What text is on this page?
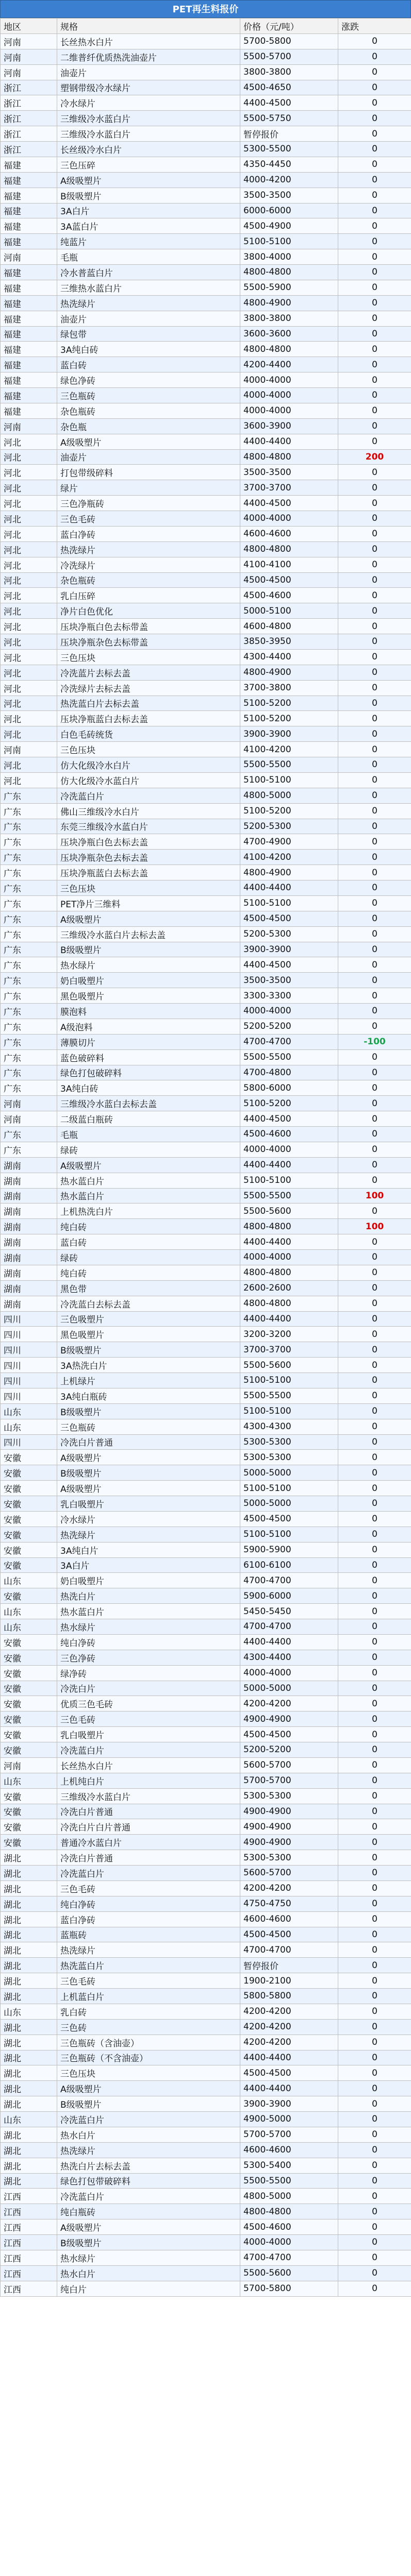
PET再生料报价
地区	规格	价格（元/吨）	涨跌
河南	长丝热水白片	5700-5800	0
河南	二维普纤优质热洗油壶片	5500-5700	0
河南	油壶片	3800-3800	0
浙江	塑钢带级冷水绿片	4500-4650	0
浙江	冷水绿片	4400-4500	0
浙江	三维级冷水蓝白片	5500-5750	0
浙江	三维级冷水蓝白片	暂停报价	0
浙江	长丝级冷水白片	5300-5500	0
福建	三色压碎	4350-4450	0
福建	A级吸塑片	4000-4200	0
福建	B级吸塑片	3500-3500	0
福建	3A白片	6000-6000	0
福建	3A蓝白片	4500-4900	0
福建	纯蓝片	5100-5100	0
河南	毛瓶	3800-4000	0
福建	冷水普蓝白片	4800-4800	0
福建	三维热水蓝白片	5500-5900	0
福建	热洗绿片	4800-4900	0
福建	油壶片	3800-3800	0
福建	绿包带	3600-3600	0
福建	3A纯白砖	4800-4800	0
福建	蓝白砖	4200-4400	0
福建	绿色净砖	4000-4000	0
福建	三色瓶砖	4000-4000	0
福建	杂色瓶砖	4000-4000	0
河南	杂色瓶	3600-3900	0
河北	A级吸塑片	4400-4400	0
河北	油壶片	4800-4800	200
河北	打包带级碎料	3500-3500	0
河北	绿片	3700-3700	0
河北	三色净瓶砖	4400-4500	0
河北	三色毛砖	4000-4000	0
河北	蓝白净砖	4600-4600	0
河北	热洗绿片	4800-4800	0
河北	冷洗绿片	4100-4100	0
河北	杂色瓶砖	4500-4500	0
河北	乳白压碎	4500-4600	0
河北	净片白色优化	5000-5100	0
河北	压块净瓶白色去标带盖	4600-4800	0
河北	压块净瓶杂色去标带盖	3850-3950	0
河北	三色压块	4300-4400	0
河北	冷洗蓝片去标去盖	4800-4900	0
河北	冷洗绿片去标去盖	3700-3800	0
河北	热洗蓝白片去标去盖	5100-5200	0
河北	压块净瓶蓝白去标去盖	5100-5200	0
河北	白色毛砖统货	3900-3900	0
河南	三色压块	4100-4200	0
河北	仿大化级冷水白片	5500-5500	0
河北	仿大化级冷水蓝白片	5100-5100	0
广东	冷洗蓝白片	4800-5000	0
广东	佛山三维级冷水白片	5100-5200	0
广东	东莞三维级冷水蓝白片	5200-5300	0
广东	压块净瓶白色去标去盖	4700-4900	0
广东	压块净瓶杂色去标去盖	4100-4200	0
广东	压块净瓶蓝白去标去盖	4800-4900	0
广东	三色压块	4400-4400	0
广东	PET净片三维料	5100-5100	0
广东	A级吸塑片	4500-4500	0
广东	三维级冷水蓝白片去标去盖	5200-5300	0
广东	B级吸塑片	3900-3900	0
广东	热水绿片	4400-4500	0
广东	奶白吸塑片	3500-3500	0
广东	黑色吸塑片	3300-3300	0
广东	膜泡料	4000-4000	0
广东	A级泡料	5200-5200	0
广东	薄膜切片	4700-4700	-100
广东	蓝色破碎料	5500-5500	0
广东	绿色打包破碎料	4700-4800	0
广东	3A纯白砖	5800-6000	0
河南	三维级冷水蓝白去标去盖	5100-5200	0
河南	二级蓝白瓶砖	4400-4500	0
广东	毛瓶	4500-4600	0
广东	绿砖	4000-4000	0
湖南	A级吸塑片	4400-4400	0
湖南	热水蓝白片	5100-5100	0
湖南	热水蓝白片	5500-5500	100
湖南	上机热洗白片	5500-5600	0
湖南	纯白砖	4800-4800	100
湖南	蓝白砖	4400-4400	0
湖南	绿砖	4000-4000	0
湖南	纯白砖	4800-4800	0
湖南	黑色带	2600-2600	0
湖南	冷洗蓝白去标去盖	4800-4800	0
四川	三色吸塑片	4400-4400	0
四川	黑色吸塑片	3200-3200	0
四川	B级吸塑片	3700-3700	0
四川	3A热洗白片	5500-5600	0
四川	上机绿片	5100-5100	0
四川	3A纯白瓶砖	5500-5500	0
山东	B级吸塑片	5100-5100	0
山东	三色瓶砖	4300-4300	0
四川	冷洗白片普通	5300-5300	0
安徽	A级吸塑片	5300-5300	0
安徽	B级吸塑片	5000-5000	0
安徽	A级吸塑片	5100-5100	0
安徽	乳白吸塑片	5000-5000	0
安徽	冷水绿片	4500-4500	0
安徽	热洗绿片	5100-5100	0
安徽	3A纯白片	5900-5900	0
安徽	3A白片	6100-6100	0
山东	奶白吸塑片	4700-4700	0
安徽	热洗白片	5900-6000	0
山东	热水蓝白片	5450-5450	0
山东	热水绿片	4700-4700	0
安徽	纯白净砖	4400-4400	0
安徽	三色净砖	4300-4400	0
安徽	绿净砖	4000-4000	0
安徽	冷洗白片	5000-5000	0
安徽	优质三色毛砖	4200-4200	0
安徽	三色毛砖	4900-4900	0
安徽	乳白吸塑片	4500-4500	0
安徽	冷洗蓝白片	5200-5200	0
河南	长丝热水白片	5600-5700	0
山东	上机纯白片	5700-5700	0
安徽	三维级冷水蓝白片	5300-5300	0
安徽	冷洗白片普通	4900-4900	0
安徽	冷洗白片白片普通	4900-4900	0
安徽	普通冷水蓝白片	4900-4900	0
湖北	冷洗白片普通	5300-5300	0
湖北	冷洗蓝白片	5600-5700	0
湖北	三色毛砖	4200-4200	0
湖北	纯白净砖	4750-4750	0
湖北	蓝白净砖	4600-4600	0
湖北	蓝瓶砖	4500-4500	0
湖北	热洗绿片	4700-4700	0
湖北	热洗蓝白片	暂停报价	0
湖北	三色毛砖	1900-2100	0
湖北	上机蓝白片	5800-5800	0
山东	乳白砖	4200-4200	0
湖北	三色砖	4200-4200	0
湖北	三色瓶砖（含油壶）	4200-4200	0
湖北	三色瓶砖（不含油壶）	4400-4400	0
湖北	三色压块	4500-4500	0
湖北	A级吸塑片	4400-4400	0
湖北	B级吸塑片	3900-3900	0
山东	冷洗蓝白片	4900-5000	0
湖北	热水白片	5700-5700	0
湖北	热洗绿片	4600-4600	0
湖北	热洗白片去标去盖	5300-5400	0
湖北	绿色打包带破碎料	5500-5500	0
江西	冷洗蓝白片	4800-5000	0
江西	纯白瓶砖	4800-4800	0
江西	A级吸塑片	4500-4600	0
江西	B级吸塑片	4000-4000	0
江西	热水绿片	4700-4700	0
江西	热水白片	5500-5600	0
江西	纯白片	5700-5800	0
